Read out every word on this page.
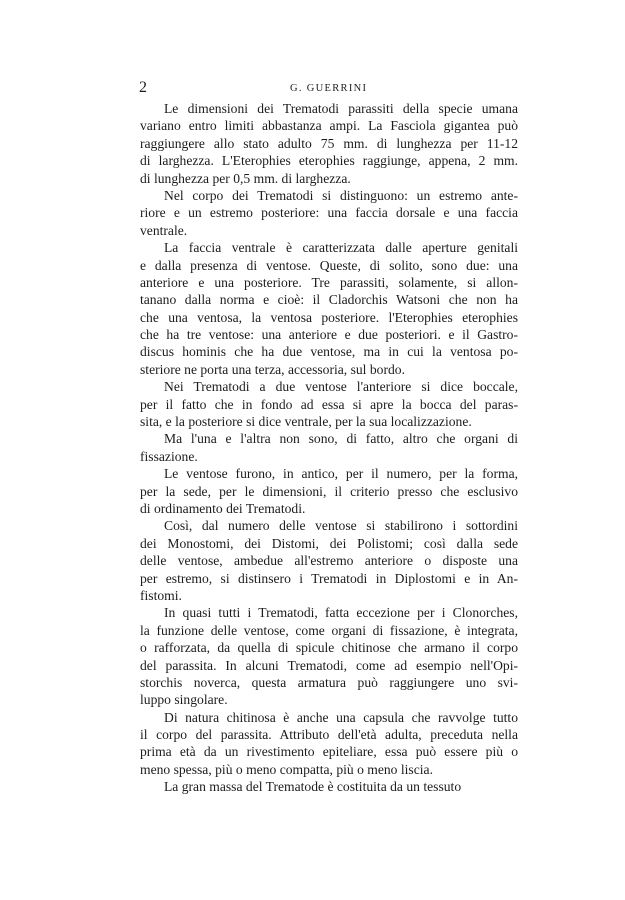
2	G. GUERRINI
Le dimensioni dei Trematodi parassiti della specie umana
variano entro limiti abbastanza ampi. La Fasciola gigantea può
raggiungere allo stato adulto 75 mm. di lunghezza per 11-12
di larghezza. L'Eterophies eterophies raggiunge, appena, 2 mm.
di lunghezza per 0,5 mm. di larghezza.
Nel corpo dei Trematodi si distinguono: un estremo ante-
riore e un estremo posteriore: una faccia dorsale e una faccia
ventrale.
La faccia ventrale è caratterizzata dalle aperture genitali
e dalla presenza di ventose. Queste, di solito, sono due: una
anteriore e una posteriore. Tre parassiti, solamente, si allon-
tanano dalla norma e cioè: il Cladorchis Watsoni che non ha
che una ventosa, la ventosa posteriore. l'Eterophies eterophies
che ha tre ventose: una anteriore e due posteriori. e il Gastro-
discus hominis che ha due ventose, ma in cui la ventosa po-
steriore ne porta una terza, accessoria, sul bordo.
Nei Trematodi a due ventose l'anteriore si dice boccale,
per il fatto che in fondo ad essa si apre la bocca del paras-
sita, e la posteriore si dice ventrale, per la sua localizzazione.
Ma l'una e l'altra non sono, di fatto, altro che organi di
fissazione.
Le ventose furono, in antico, per il numero, per la forma,
per la sede, per le dimensioni, il criterio presso che esclusivo
di ordinamento dei Trematodi.
Così, dal numero delle ventose si stabilirono i sottordini
dei Monostomi, dei Distomi, dei Polistomi; così dalla sede
delle ventose, ambedue all'estremo anteriore o disposte una
per estremo, si distinsero i Trematodi in Diplostomi e in An-
fistomi.
In quasi tutti i Trematodi, fatta eccezione per i Clonorches,
la funzione delle ventose, come organi di fissazione, è integrata,
o rafforzata, da quella di spicule chitinose che armano il corpo
del parassita. In alcuni Trematodi, come ad esempio nell'Opi-
storchis noverca, questa armatura può raggiungere uno svi-
luppo singolare.
Di natura chitinosa è anche una capsula che ravvolge tutto
il corpo del parassita. Attributo dell'età adulta, preceduta nella
prima età da un rivestimento epiteliare, essa può essere più o
meno spessa, più o meno compatta, più o meno liscia.
La gran massa del Trematode è costituita da un tessuto
